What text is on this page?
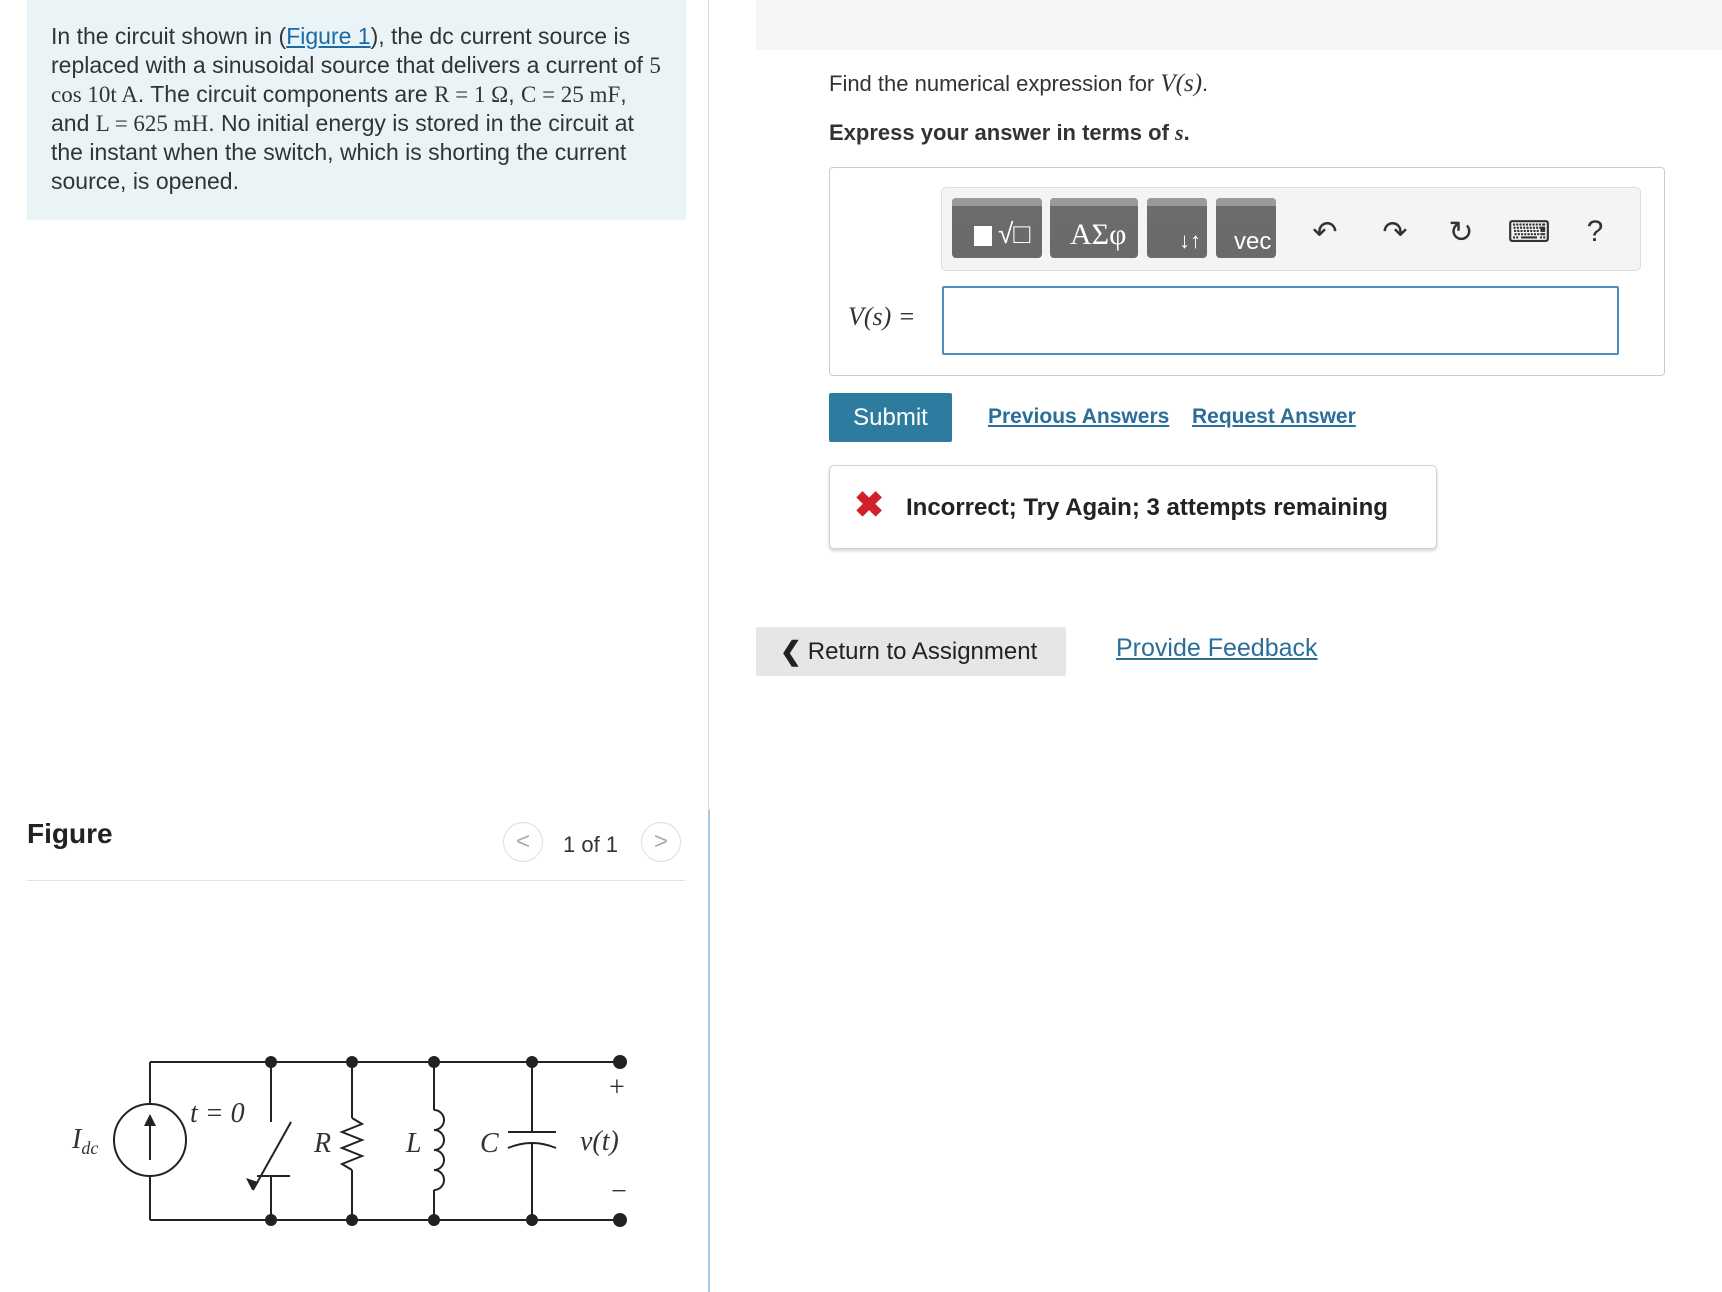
In the circuit shown in (Figure 1), the dc current source is replaced with a sinusoidal source that delivers a current of 5 cos 10t A. The circuit components are R = 1 Ω, C = 25 mF, and L = 625 mH. No initial energy is stored in the circuit at the instant when the switch, which is shorting the current source, is opened.
Figure	< 1 of 1 >
$I_{dc}$
t = 0
R	L C	v(t)
+
−
Find the numerical expression for V(s).
Express your answer in terms of s.
√□ ΑΣφ ↓↑ vec	↶	↷	↻	⌨	?
V(s) =
Submit	Previous Answers Request Answer
✖ Incorrect; Try Again; 3 attempts remaining
❮ Return to Assignment	Provide Feedback
